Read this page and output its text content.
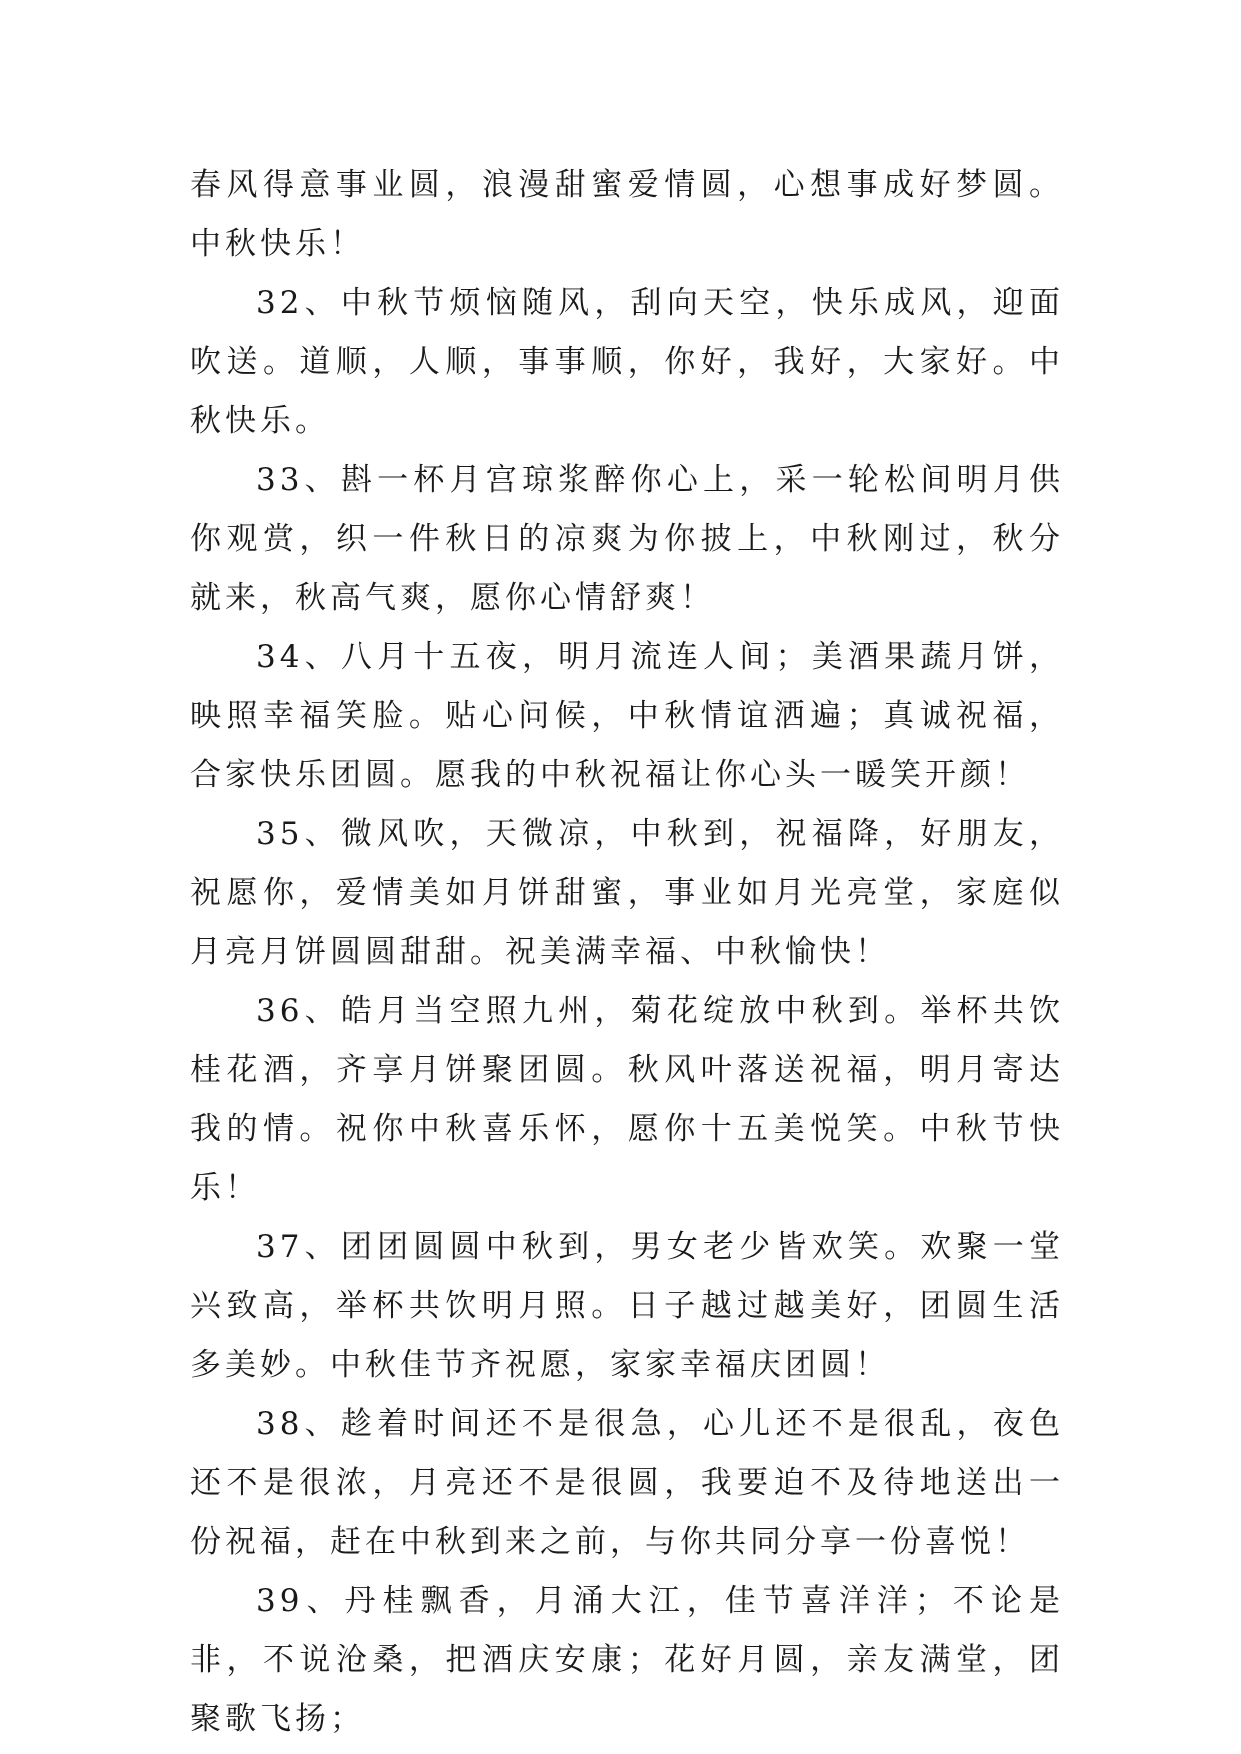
春风得意事业圆，浪漫甜蜜爱情圆，心想事成好梦圆。中秋快乐！

32、中秋节烦恼随风，刮向天空，快乐成风，迎面吹送。道顺，人顺，事事顺，你好，我好，大家好。中秋快乐。

33、斟一杯月宫琼浆醉你心上，采一轮松间明月供你观赏，织一件秋日的凉爽为你披上，中秋刚过，秋分就来，秋高气爽，愿你心情舒爽！

34、八月十五夜，明月流连人间；美酒果蔬月饼，映照幸福笑脸。贴心问候，中秋情谊洒遍；真诚祝福，合家快乐团圆。愿我的中秋祝福让你心头一暖笑开颜！

35、微风吹，天微凉，中秋到，祝福降，好朋友，祝愿你，爱情美如月饼甜蜜，事业如月光亮堂，家庭似月亮月饼圆圆甜甜。祝美满幸福、中秋愉快！

36、皓月当空照九州，菊花绽放中秋到。举杯共饮桂花酒，齐享月饼聚团圆。秋风叶落送祝福，明月寄达我的情。祝你中秋喜乐怀，愿你十五美悦笑。中秋节快乐！

37、团团圆圆中秋到，男女老少皆欢笑。欢聚一堂兴致高，举杯共饮明月照。日子越过越美好，团圆生活多美妙。中秋佳节齐祝愿，家家幸福庆团圆！

38、趁着时间还不是很急，心儿还不是很乱，夜色还不是很浓，月亮还不是很圆，我要迫不及待地送出一份祝福，赶在中秋到来之前，与你共同分享一份喜悦！

39、丹桂飘香，月涌大江，佳节喜洋洋；不论是非，不说沧桑，把酒庆安康；花好月圆，亲友满堂，团聚歌飞扬；
